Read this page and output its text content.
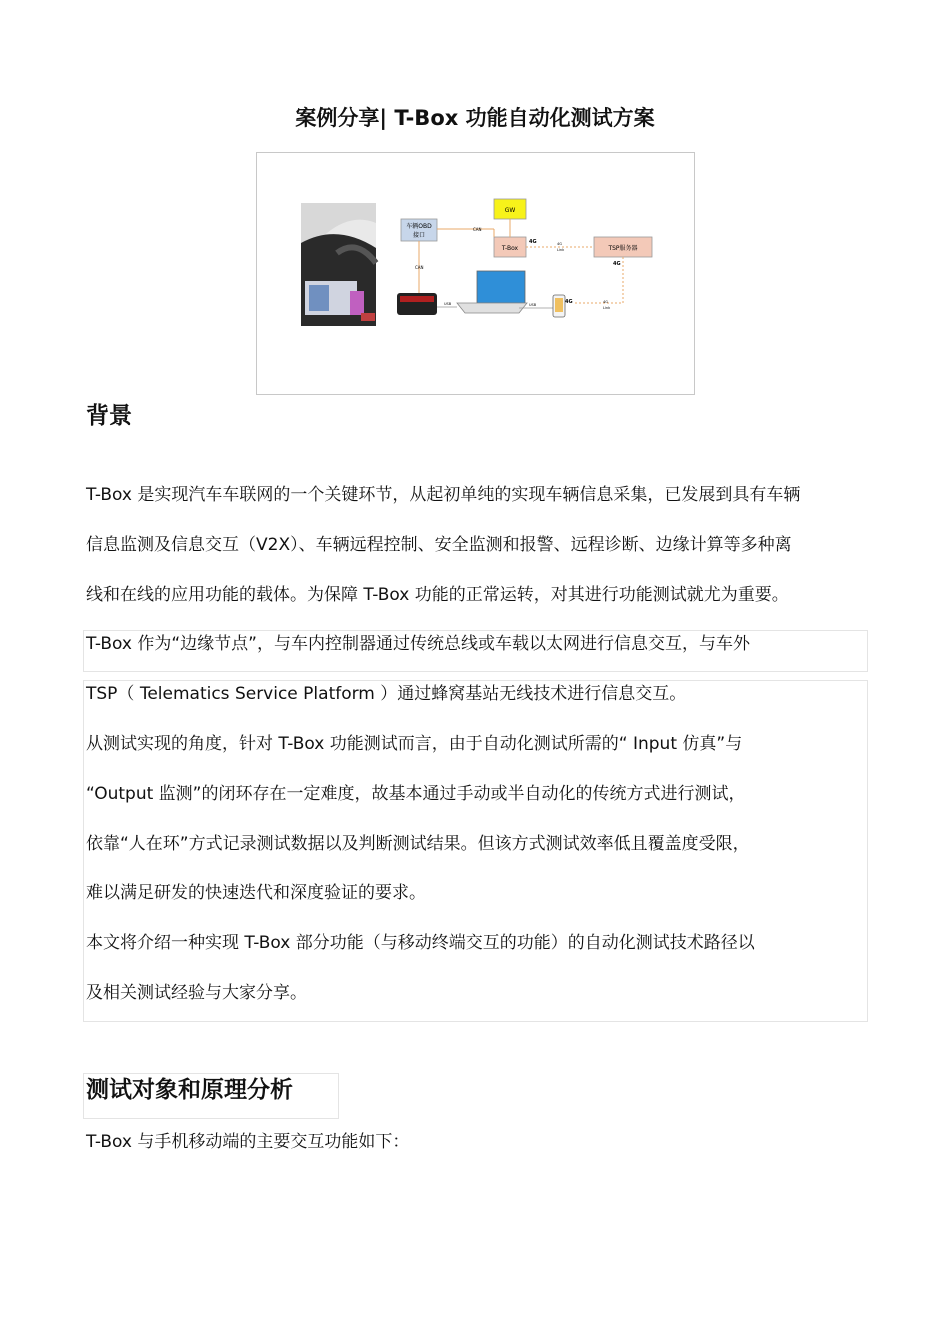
案例分享| T-Box 功能自动化测试方案
GW
车辆OBD
接口
T-Box	TSP服务器
CAN
CAN
4G
Link
4G
Link
4G
4G
4G
USB	USB
背景
T-Box 是实现汽车车联网的一个关键环节，从起初单纯的实现车辆信息采集，已发展到具有车辆
信息监测及信息交互（V2X）、车辆远程控制、安全监测和报警、远程诊断、边缘计算等多种离
线和在线的应用功能的载体。为保障 T-Box 功能的正常运转，对其进行功能测试就尤为重要。
T-Box 作为“边缘节点”，与车内控制器通过传统总线或车载以太网进行信息交互，与车外
TSP（ Telematics Service Platform ）通过蜂窝基站无线技术进行信息交互。
从测试实现的角度，针对 T-Box 功能测试而言，由于自动化测试所需的“ Input 仿真”与
“Output 监测”的闭环存在一定难度，故基本通过手动或半自动化的传统方式进行测试，
依靠“人在环”方式记录测试数据以及判断测试结果。但该方式测试效率低且覆盖度受限，
难以满足研发的快速迭代和深度验证的要求。
本文将介绍一种实现 T-Box 部分功能（与移动终端交互的功能）的自动化测试技术路径以
及相关测试经验与大家分享。
测试对象和原理分析
T-Box 与手机移动端的主要交互功能如下：
